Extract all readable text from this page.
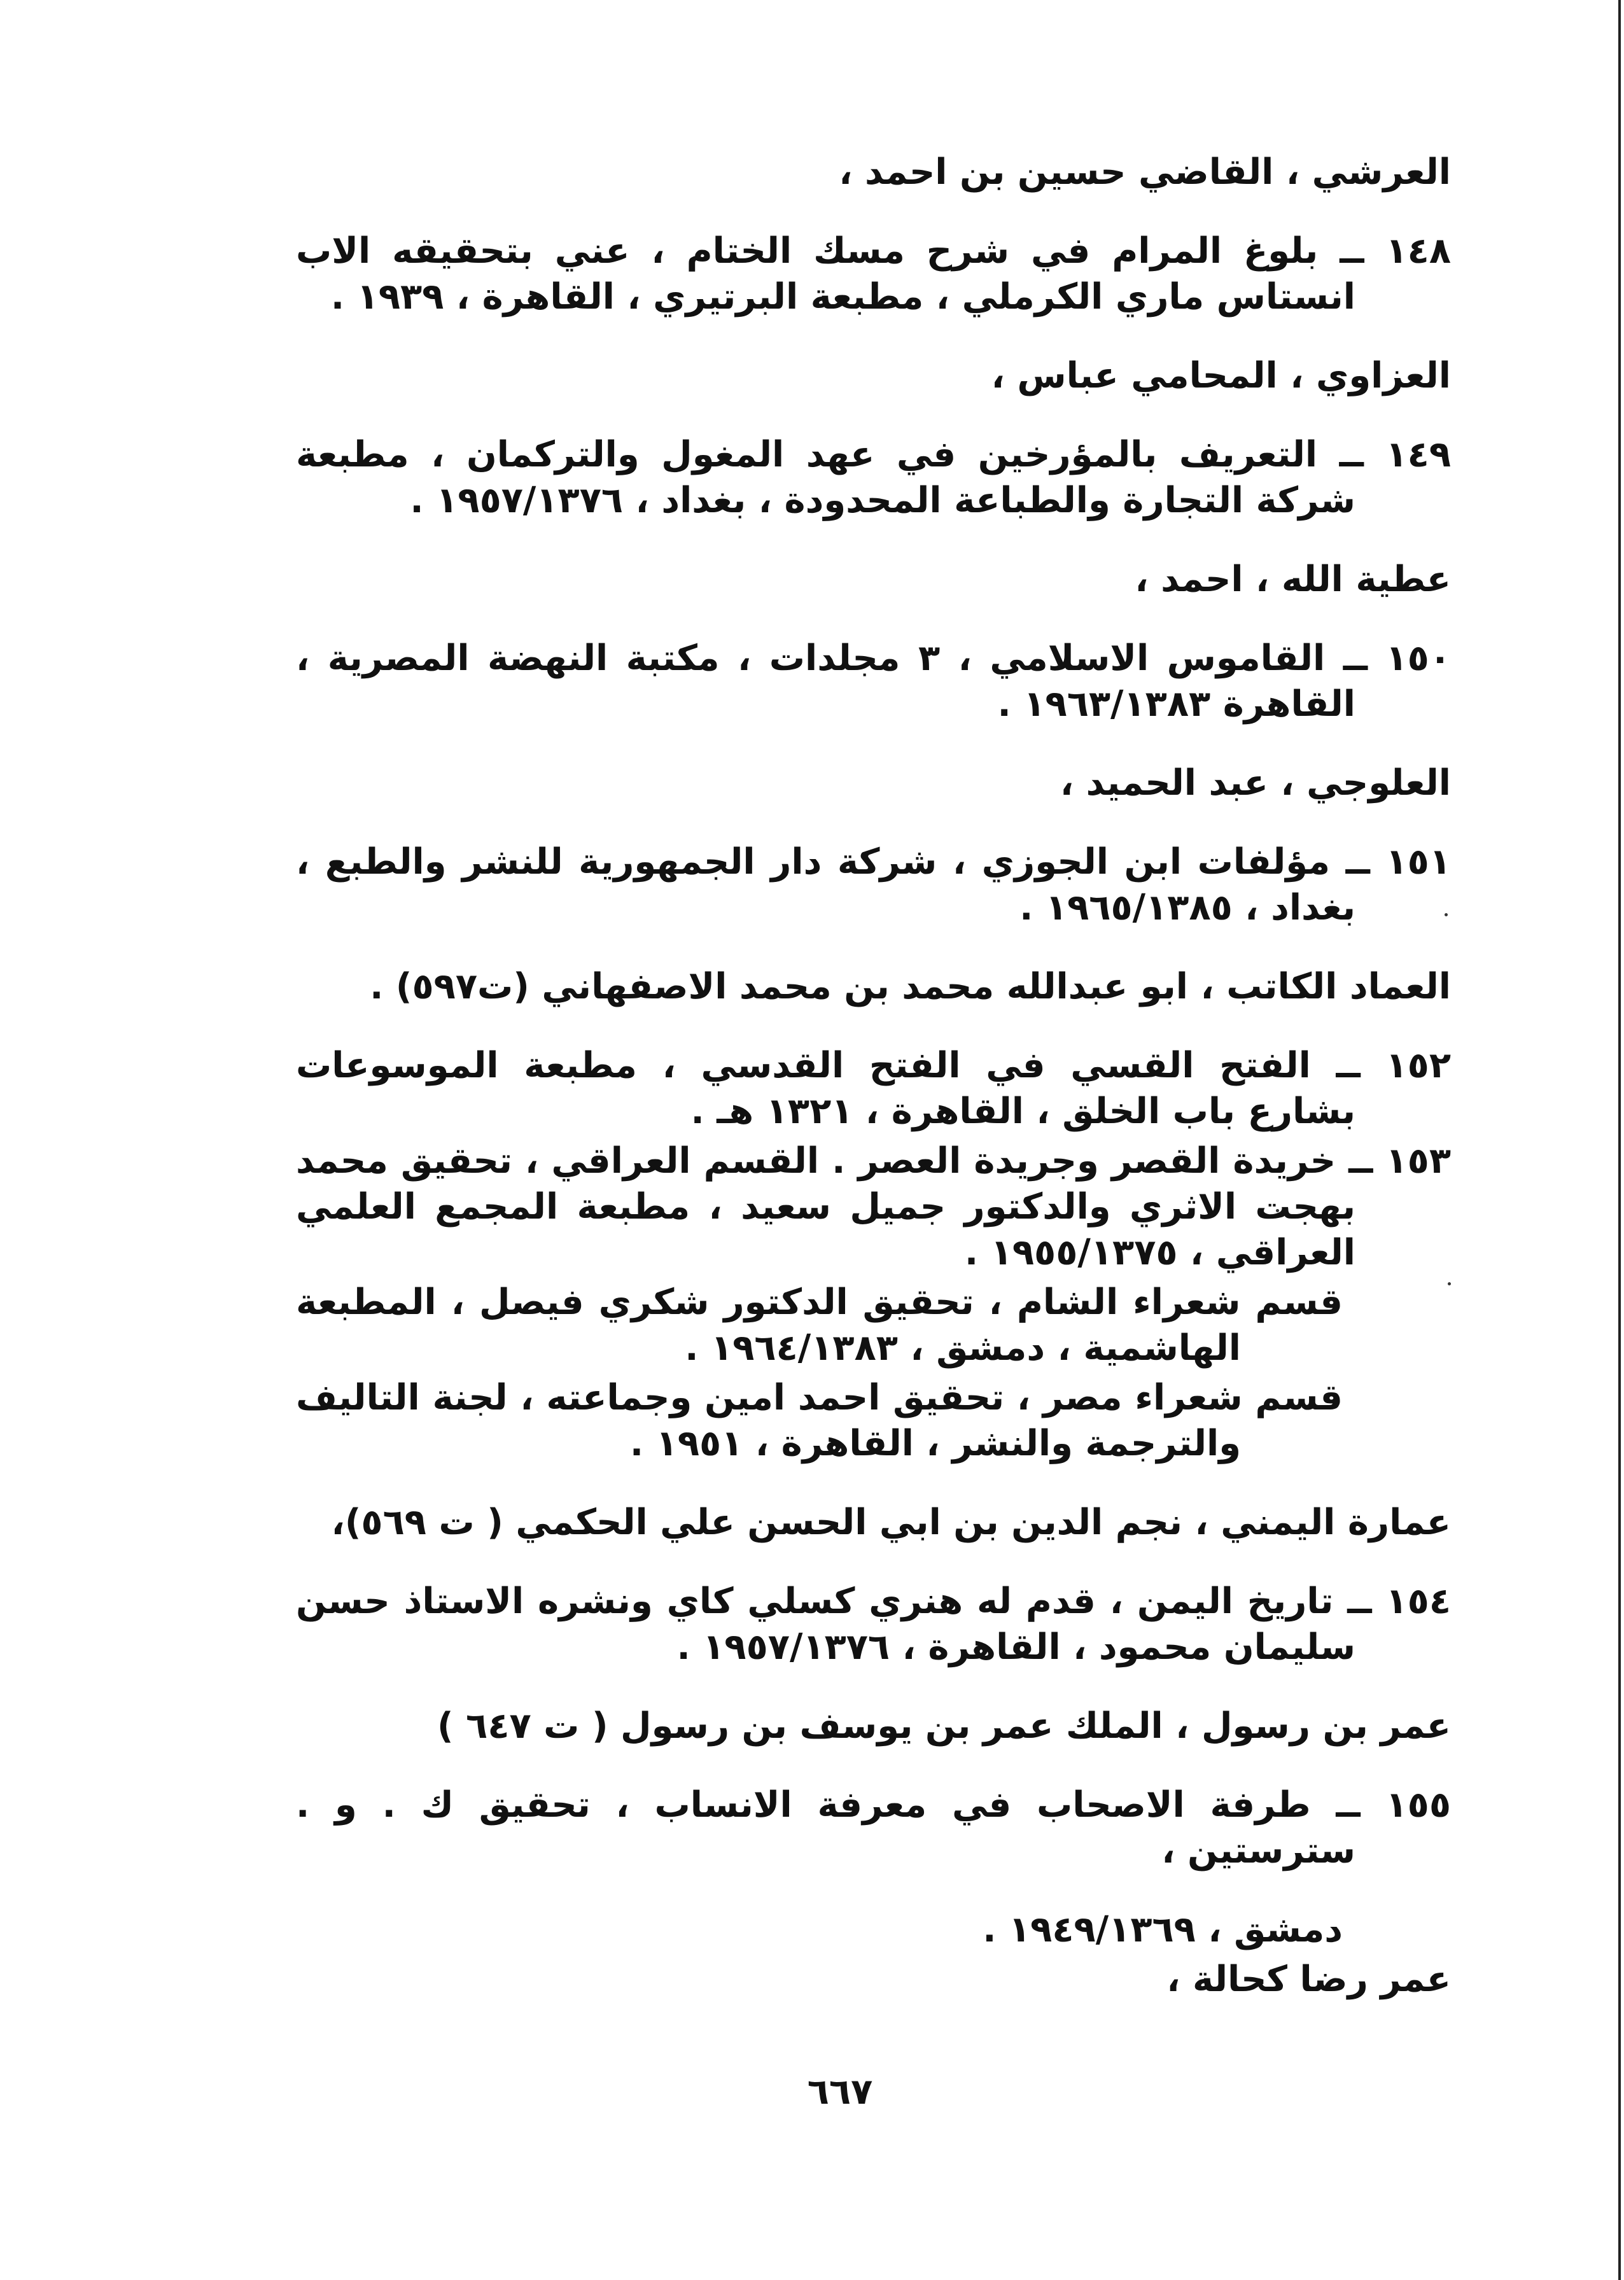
العرشي ، القاضي حسين بن احمد ،

١٤٨ ــ بلوغ المرام في شرح مسك الختام ، عني بتحقيقه الاب انستاس ماري الكرملي ، مطبعة البرتيري ، القاهرة ، ١٩٣٩ .

العزاوي ، المحامي عباس ،

١٤٩ ــ التعريف بالمؤرخين في عهد المغول والتركمان ، مطبعة شركة التجارة والطباعة المحدودة ، بغداد ، ١٩٥٧/١٣٧٦ .

عطية الله ، احمد ،

١٥٠ ــ القاموس الاسلامي ، ٣ مجلدات ، مكتبة النهضة المصرية ، القاهرة ١٩٦٣/١٣٨٣ .

العلوجي ، عبد الحميد ،

١٥١ ــ مؤلفات ابن الجوزي ، شركة دار الجمهورية للنشر والطبع ، بغداد ، ١٩٦٥/١٣٨٥ .

العماد الكاتب ، ابو عبدالله محمد بن محمد الاصفهاني (ت٥٩٧) .

١٥٢ ــ الفتح القسي في الفتح القدسي ، مطبعة الموسوعات بشارع باب الخلق ، القاهرة ، ١٣٢١ هـ .

١٥٣ ــ خريدة القصر وجريدة العصر . القسم العراقي ، تحقيق محمد بهجت الاثري والدكتور جميل سعيد ، مطبعة المجمع العلمي العراقي ، ١٩٥٥/١٣٧٥ .

قسم شعراء الشام ، تحقيق الدكتور شكري فيصل ، المطبعة الهاشمية ، دمشق ، ١٩٦٤/١٣٨٣ .

قسم شعراء مصر ، تحقيق احمد امين وجماعته ، لجنة التاليف والترجمة والنشر ، القاهرة ، ١٩٥١ .

عمارة اليمني ، نجم الدين بن ابي الحسن علي الحكمي ( ت ٥٦٩)،

١٥٤ ــ تاريخ اليمن ، قدم له هنري كسلي كاي ونشره الاستاذ حسن سليمان محمود ، القاهرة ، ١٩٥٧/١٣٧٦ .

عمر بن رسول ، الملك عمر بن يوسف بن رسول ( ت ٦٤٧ )

١٥٥ ــ طرفة الاصحاب في معرفة الانساب ، تحقيق ك . و . سترستين ،

دمشق ، ١٩٤٩/١٣٦٩ .

عمر رضا كحالة ،

٦٦٧
